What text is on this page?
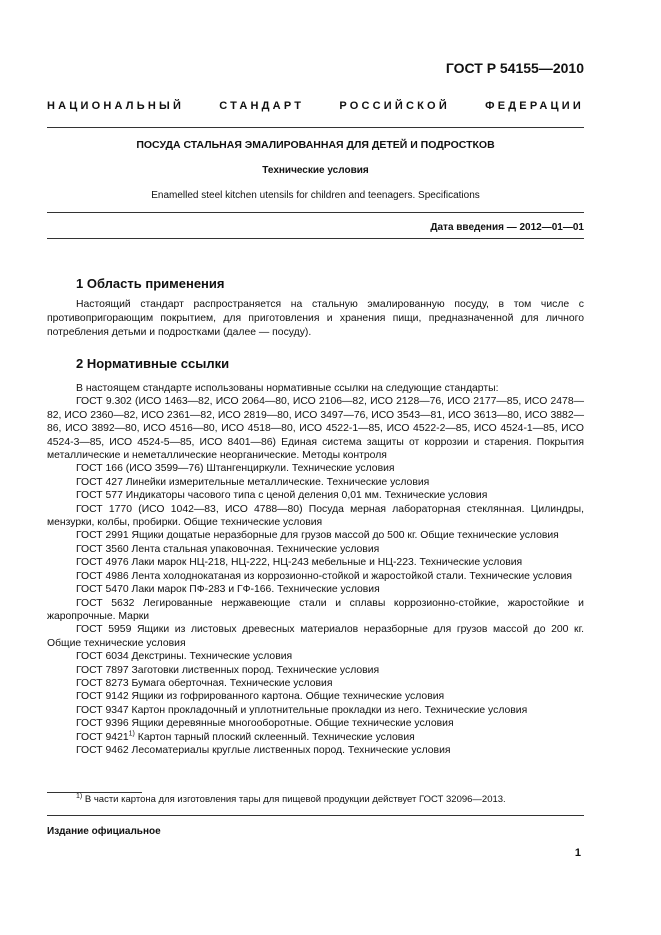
ГОСТ Р 54155—2010
НАЦИОНАЛЬНЫЙ СТАНДАРТ РОССИЙСКОЙ ФЕДЕРАЦИИ
ПОСУДА СТАЛЬНАЯ ЭМАЛИРОВАННАЯ ДЛЯ ДЕТЕЙ И ПОДРОСТКОВ
Технические условия
Enamelled steel kitchen utensils for children and teenagers. Specifications
Дата введения — 2012—01—01
1 Область применения
Настоящий стандарт распространяется на стальную эмалированную посуду, в том числе с противопригорающим покрытием, для приготовления и хранения пищи, предназначенной для личного потребления детьми и подростками (далее — посуду).
2 Нормативные ссылки
В настоящем стандарте использованы нормативные ссылки на следующие стандарты:
ГОСТ 9.302 (ИСО 1463—82, ИСО 2064—80, ИСО 2106—82, ИСО 2128—76, ИСО 2177—85, ИСО 2478—82, ИСО 2360—82, ИСО 2361—82, ИСО 2819—80, ИСО 3497—76, ИСО 3543—81, ИСО 3613—80, ИСО 3882—86, ИСО 3892—80, ИСО 4516—80, ИСО 4518—80, ИСО 4522-1—85, ИСО 4522-2—85, ИСО 4524-1—85, ИСО 4524-3—85, ИСО 4524-5—85, ИСО 8401—86) Единая система защиты от коррозии и старения. Покрытия металлические и неметаллические неорганические. Методы контроля
ГОСТ 166 (ИСО 3599—76) Штангенциркули. Технические условия
ГОСТ 427 Линейки измерительные металлические. Технические условия
ГОСТ 577 Индикаторы часового типа с ценой деления 0,01 мм. Технические условия
ГОСТ 1770 (ИСО 1042—83, ИСО 4788—80) Посуда мерная лабораторная стеклянная. Цилиндры, мензурки, колбы, пробирки. Общие технические условия
ГОСТ 2991 Ящики дощатые неразборные для грузов массой до 500 кг. Общие технические условия
ГОСТ 3560 Лента стальная упаковочная. Технические условия
ГОСТ 4976 Лаки марок НЦ-218, НЦ-222, НЦ-243 мебельные и НЦ-223. Технические условия
ГОСТ 4986 Лента холоднокатаная из коррозионно-стойкой и жаростойкой стали. Технические условия
ГОСТ 5470 Лаки марок ПФ-283 и ГФ-166. Технические условия
ГОСТ 5632 Легированные нержавеющие стали и сплавы коррозионно-стойкие, жаростойкие и жаропрочные. Марки
ГОСТ 5959 Ящики из листовых древесных материалов неразборные для грузов массой до 200 кг. Общие технические условия
ГОСТ 6034 Декстрины. Технические условия
ГОСТ 7897 Заготовки лиственных пород. Технические условия
ГОСТ 8273 Бумага оберточная. Технические условия
ГОСТ 9142 Ящики из гофрированного картона. Общие технические условия
ГОСТ 9347 Картон прокладочный и уплотнительные прокладки из него. Технические условия
ГОСТ 9396 Ящики деревянные многооборотные. Общие технические условия
ГОСТ 9421$^{1)}$ Картон тарный плоский склеенный. Технические условия
ГОСТ 9462 Лесоматериалы круглые лиственных пород. Технические условия
$^{1)}$ В части картона для изготовления тары для пищевой продукции действует ГОСТ 32096—2013.
Издание официальное
1
